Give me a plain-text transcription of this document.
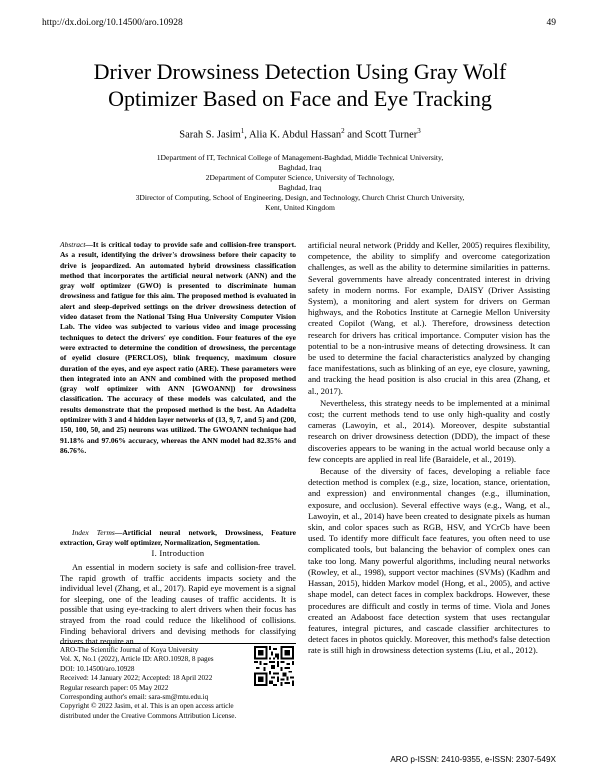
http://dx.doi.org/10.14500/aro.10928	49
Driver Drowsiness Detection Using Gray Wolf
Optimizer Based on Face and Eye Tracking
Sarah S. Jasim$^1$, Alia K. Abdul Hassan$^2$ and Scott Turner$^3$
1Department of IT, Technical College of Management-Baghdad, Middle Technical University,
Baghdad, Iraq
2Department of Computer Science, University of Technology,
Baghdad, Iraq
3Director of Computing, School of Engineering, Design, and Technology, Church Christ Church University,
Kent, United Kingdom
Abstract—It is critical today to provide safe and collision-free transport. As a result, identifying the driver's drowsiness before their capacity to drive is jeopardized. An automated hybrid drowsiness classification method that incorporates the artificial neural network (ANN) and the gray wolf optimizer (GWO) is presented to discriminate human drowsiness and fatigue for this aim. The proposed method is evaluated in alert and sleep-deprived settings on the driver drowsiness detection of video dataset from the National Tsing Hua University Computer Vision Lab. The video was subjected to various video and image processing techniques to detect the drivers' eye condition. Four features of the eye were extracted to determine the condition of drowsiness, the percentage of eyelid closure (PERCLOS), blink frequency, maximum closure duration of the eyes, and eye aspect ratio (ARE). These parameters were then integrated into an ANN and combined with the proposed method (gray wolf optimizer with ANN [GWOANN]) for drowsiness classification. The accuracy of these models was calculated, and the results demonstrate that the proposed method is the best. An Adadelta optimizer with 3 and 4 hidden layer networks of (13, 9, 7, and 5) and (200, 150, 100, 50, and 25) neurons was utilized. The GWOANN technique had 91.18% and 97.06% accuracy, whereas the ANN model had 82.35% and 86.76%.
Index Terms—Artificial neural network, Drowsiness, Feature extraction, Gray wolf optimizer, Normalization, Segmentation.
I. Introduction
An essential in modern society is safe and collision-free travel. The rapid growth of traffic accidents impacts society and the individual level (Zhang, et al., 2017). Rapid eye movement is a signal for sleeping, one of the leading causes of traffic accidents. It is possible that using eye-tracking to alert drivers when their focus has strayed from the road could reduce the likelihood of collisions. Finding behavioral drivers and devising methods for classifying drivers that require an

artificial neural network (Priddy and Keller, 2005) requires flexibility, competence, the ability to simplify and overcome categorization challenges, as well as the ability to determine similarities in patterns. Several governments have already concentrated interest in driving safety in modern norms. For example, DAISY (Driver Assisting System), a monitoring and alert system for drivers on German highways, and the Robotics Institute at Carnegie Mellon University created Copilot (Wang, et al.). Therefore, drowsiness detection research for drivers has critical importance. Computer vision has the potential to be a non-intrusive means of detecting drowsiness. It can be used to determine the facial characteristics analyzed by changing face manifestations, such as blinking of an eye, eye closure, yawning, and tracking the head position is also crucial in this area (Zhang, et al., 2017).

Nevertheless, this strategy needs to be implemented at a minimal cost; the current methods tend to use only high-quality and costly cameras (Lawoyin, et al., 2014). Moreover, despite substantial research on driver drowsiness detection (DDD), the impact of these discoveries appears to be waning in the actual world because only a few concepts are applied in real life (Baraidele, et al., 2019).

Because of the diversity of faces, developing a reliable face detection method is complex (e.g., size, location, stance, orientation, and expression) and environmental changes (e.g., illumination, exposure, and occlusion). Several effective ways (e.g., Wang, et al., Lawoyin, et al., 2014) have been created to designate pixels as human skin, and color spaces such as RGB, HSV, and YCrCb have been used. To identify more difficult face features, you often need to use complicated tools, but balancing the behavior of complex ones can take too long. Many powerful algorithms, including neural networks (Rowley, et al., 1998), support vector machines (SVMs) (Kadhm and Hassan, 2015), hidden Markov model (Hong, et al., 2005), and active shape model, can detect faces in complex backdrops. However, these procedures are difficult and costly in terms of time. Viola and Jones created an Adaboost face detection system that uses rectangular features, integral pictures, and cascade classifier architectures to detect faces in photos quickly. Moreover, this method's false detection rate is still high in drowsiness detection systems (Liu, et al., 2012).

ARO-The Scientific Journal of Koya University
Vol. X, No.1 (2022), Article ID: ARO.10928, 8 pages
DOI: 10.14500/aro.10928
Received: 14 January 2022; Accepted: 18 April 2022
Regular research paper: 05 May 2022
Corresponding author's email: sara-sm@mtu.edu.iq
Copyright © 2022 Jasim, et al. This is an open access article
distributed under the Creative Commons Attribution License.
ARO p-ISSN: 2410-9355, e-ISSN: 2307-549X
